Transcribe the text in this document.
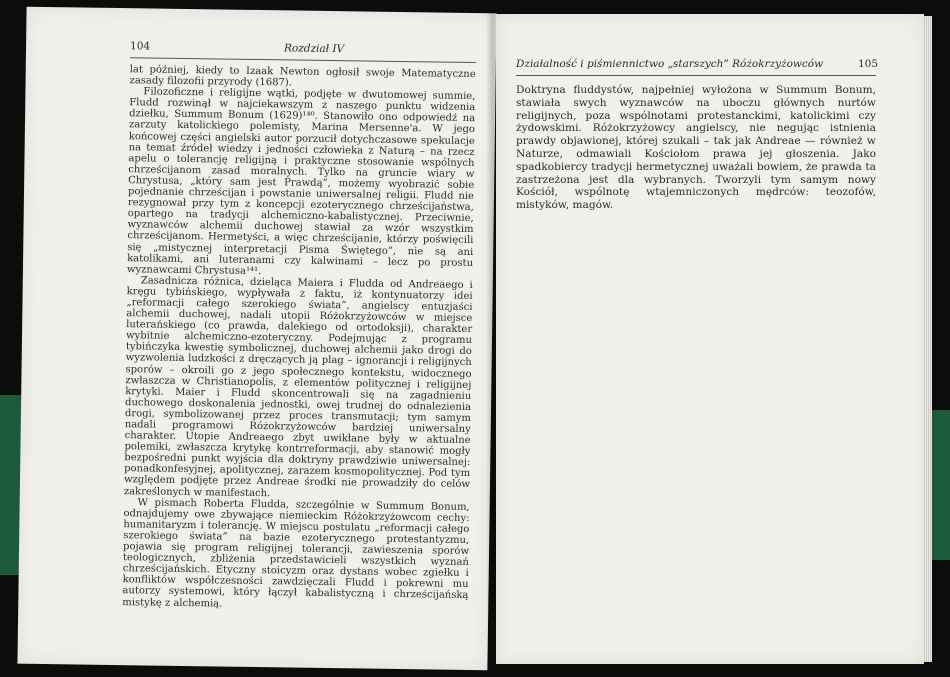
104	Rozdział IV

lat później, kiedy to Izaak Newton ogłosił swoje Matematyczne zasady filozofii przyrody (1687).

Filozoficzne i religijne wątki, podjęte w dwutomowej summie, Fludd rozwinął w najciekawszym z naszego punktu widzenia dziełku, Summum Bonum (1629)¹⁴⁰. Stanowiło ono odpowiedź na zarzuty katolickiego polemisty, Marina Mersenne'a. W jego końcowej części angielski autor porzucił dotychczasowe spekulacje na temat źródeł wiedzy i jedności człowieka z Naturą – na rzecz apelu o tolerancję religijną i praktyczne stosowanie wspólnych chrześcijanom zasad moralnych. Tylko na gruncie wiary w Chrystusa, „który sam jest Prawdą”, możemy wyobrazić sobie pojednanie chrześcijan i powstanie uniwersalnej religii. Fludd nie rezygnował przy tym z koncepcji ezoterycznego chrześcijaństwa, opartego na tradycji alchemiczno-kabalistycznej. Przeciwnie, wyznawców alchemii duchowej stawiał za wzór wszystkim chrześcijanom. Hermetyści, a więc chrześcijanie, którzy poświęcili się „mistycznej interpretacji Pisma Świętego”, nie są ani katolikami, ani luteranami czy kalwinami – lecz po prostu wyznawcami Chrystusa¹⁴¹.

Zasadnicza różnica, dzieląca Maiera i Fludda od Andreaego i kręgu tybińskiego, wypływała z faktu, iż kontynuatorzy idei „reformacji całego szerokiego świata”, angielscy entuzjaści alchemii duchowej, nadali utopii Różokrzyżowców w miejsce luterańskiego (co prawda, dalekiego od ortodoksji), charakter wybitnie alchemiczno-ezoteryczny. Podejmując z programu tybińczyka kwestię symbolicznej, duchowej alchemii jako drogi do wyzwolenia ludzkości z dręczących ją plag – ignorancji i religijnych sporów – okroili go z jego społecznego kontekstu, widocznego zwłaszcza w Christianopolis, z elementów politycznej i religijnej krytyki. Maier i Fludd skoncentrowali się na zagadnieniu duchowego doskonalenia jednostki, owej trudnej do odnalezienia drogi, symbolizowanej przez proces transmutacji; tym samym nadali programowi Różokrzyżowców bardziej uniwersalny charakter. Utopie Andreaego zbyt uwikłane były w aktualne polemiki, zwłaszcza krytykę kontrreformacji, aby stanowić mogły bezpośredni punkt wyjścia dla doktryny prawdziwie uniwersalnej: ponadkonfesyjnej, apolitycznej, zarazem kosmopolitycznej. Pod tym względem podjęte przez Andreae środki nie prowadziły do celów zakreślonych w manifestach.

W pismach Roberta Fludda, szczególnie w Summum Bonum, odnajdujemy owe zbywające niemieckim Różokrzyżowcom cechy: humanitaryzm i tolerancję. W miejscu postulatu „reformacji całego szerokiego świata” na bazie ezoterycznego protestantyzmu, pojawia się program religijnej tolerancji, zawieszenia sporów teologicznych, zbliżenia przedstawicieli wszystkich wyznań chrześcijańskich. Etyczny stoicyzm oraz dystans wobec zgiełku i konfliktów współczesności zawdzięczali Fludd i pokrewni mu autorzy systemowi, który łączył kabalistyczną i chrześcijańską mistykę z alchemią.

Działalność i piśmiennictwo „starszych” Różokrzyżowców	105

Doktryna fluddystów, najpełniej wyłożona w Summum Bonum, stawiała swych wyznawców na uboczu głównych nurtów religijnych, poza wspólnotami protestanckimi, katolickimi czy żydowskimi. Różokrzyżowcy angielscy, nie negując istnienia prawdy objawionej, której szukali – tak jak Andreae — również w Naturze, odmawiali Kościołom prawa jej głoszenia. Jako spadkobiercy tradycji hermetycznej uważali bowiem, że prawda ta zastrzeżona jest dla wybranych. Tworzyli tym samym nowy Kościół, wspólnotę wtajemniczonych mędrców: teozofów, mistyków, magów.
